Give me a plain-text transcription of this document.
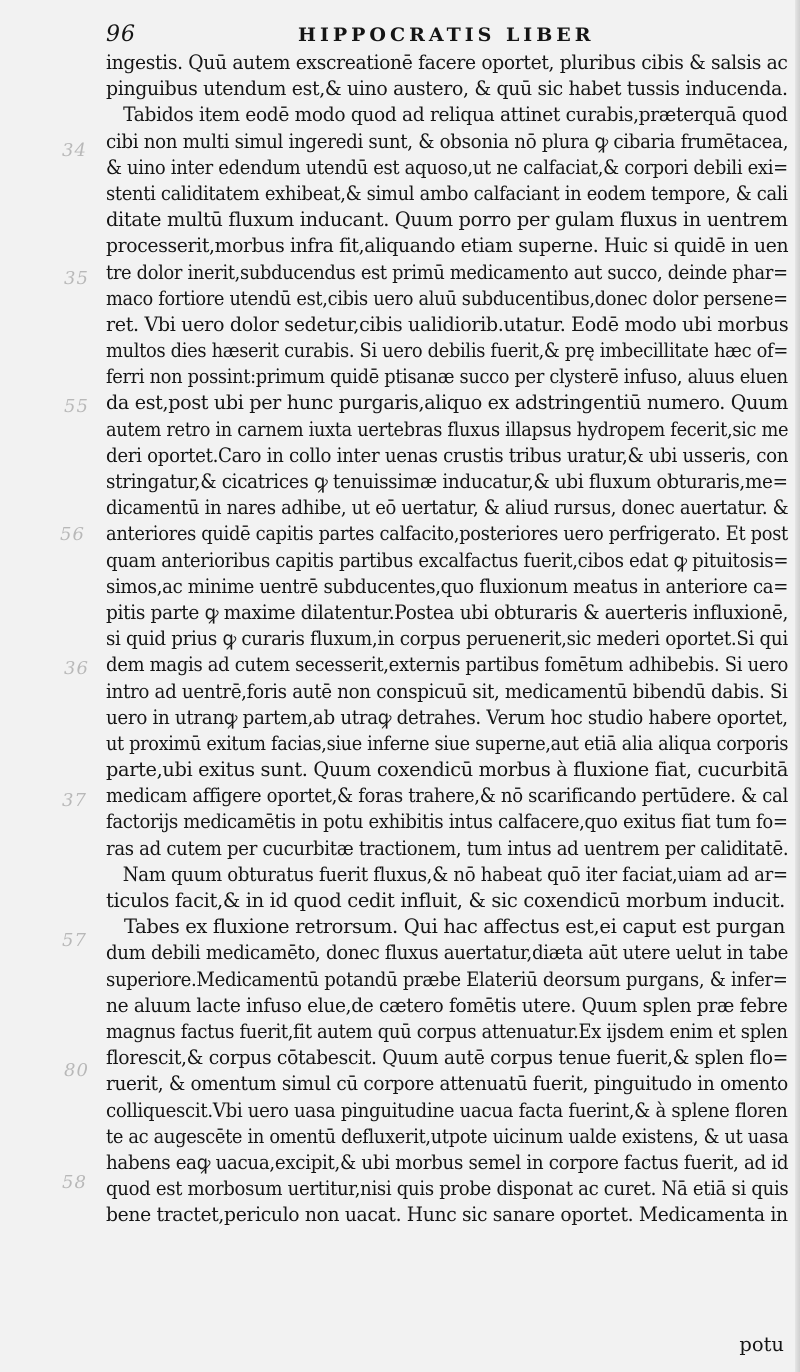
96	HIPPOCRATIS LIBER
ingestis. Quū autem exscreationē facere oportet, pluribus cibis & salsis ac
pinguibus utendum est,& uino austero, & quū sic habet tussis inducenda.
Tabidos item eodē modo quod ad reliqua attinet curabis,præterquā quod
cibi non multi simul ingeredi sunt, & obsonia nō plura ꝙ cibaria frumētacea,
& uino inter edendum utendū est aquoso,ut ne calfaciat,& corpori debili exi=
stenti caliditatem exhibeat,& simul ambo calfaciant in eodem tempore, & cali
ditate multū fluxum inducant. Quum porro per gulam fluxus in uentrem
processerit,morbus infra fit,aliquando etiam superne. Huic si quidē in uen
tre dolor inerit,subducendus est primū medicamento aut succo, deinde phar=
maco fortiore utendū est,cibis uero aluū subducentibus,donec dolor persene=
ret. Vbi uero dolor sedetur,cibis ualidiorib.utatur. Eodē modo ubi morbus
multos dies hæserit curabis. Si uero debilis fuerit,& prę imbecillitate hæc of=
ferri non possint:primum quidē ptisanæ succo per clysterē infuso, aluus eluen
da est,post ubi per hunc purgaris,aliquo ex adstringentiū numero. Quum
autem retro in carnem iuxta uertebras fluxus illapsus hydropem fecerit,sic me
deri oportet.Caro in collo inter uenas crustis tribus uratur,& ubi usseris, con
stringatur,& cicatrices ꝙ tenuissimæ inducatur,& ubi fluxum obturaris,me=
dicamentū in nares adhibe, ut eō uertatur, & aliud rursus, donec auertatur. &
anteriores quidē capitis partes calfacito,posteriores uero perfrigerato. Et post
quam anterioribus capitis partibus excalfactus fuerit,cibos edat ꝙ pituitosis=
simos,ac minime uentrē subducentes,quo fluxionum meatus in anteriore ca=
pitis parte ꝙ maxime dilatentur.Postea ubi obturaris & auerteris influxionē,
si quid prius ꝙ curaris fluxum,in corpus peruenerit,sic mederi oportet.Si qui
dem magis ad cutem secesserit,externis partibus fomētum adhibebis. Si uero
intro ad uentrē,foris autē non conspicuū sit, medicamentū bibendū dabis. Si
uero in utranꝙ partem,ab utraꝙ detrahes. Verum hoc studio habere oportet,
ut proximū exitum facias,siue inferne siue superne,aut etiā alia aliqua corporis
parte,ubi exitus sunt. Quum coxendicū morbus à fluxione fiat, cucurbitā
medicam affigere oportet,& foras trahere,& nō scarificando pertūdere. & cal
factorijs medicamētis in potu exhibitis intus calfacere,quo exitus fiat tum fo=
ras ad cutem per cucurbitæ tractionem, tum intus ad uentrem per caliditatē.
Nam quum obturatus fuerit fluxus,& nō habeat quō iter faciat,uiam ad ar=
ticulos facit,& in id quod cedit influit, & sic coxendicū morbum inducit.
Tabes ex fluxione retrorsum. Qui hac affectus est,ei caput est purgan
dum debili medicamēto, donec fluxus auertatur,diæta aūt utere uelut in tabe
superiore.Medicamentū potandū præbe Elateriū deorsum purgans, & infer=
ne aluum lacte infuso elue,de cætero fomētis utere. Quum splen præ febre
magnus factus fuerit,fit autem quū corpus attenuatur.Ex ijsdem enim et splen
florescit,& corpus cōtabescit. Quum autē corpus tenue fuerit,& splen flo=
ruerit, & omentum simul cū corpore attenuatū fuerit, pinguitudo in omento
colliquescit.Vbi uero uasa pinguitudine uacua facta fuerint,& à splene floren
te ac augescēte in omentū defluxerit,utpote uicinum ualde existens, & ut uasa
habens eaꝙ uacua,excipit,& ubi morbus semel in corpore factus fuerit, ad id
quod est morbosum uertitur,nisi quis probe disponat ac curet. Nā etiā si quis
bene tractet,periculo non uacat. Hunc sic sanare oportet. Medicamenta in
34
35
55
56
36
37
57
80
58
potu
